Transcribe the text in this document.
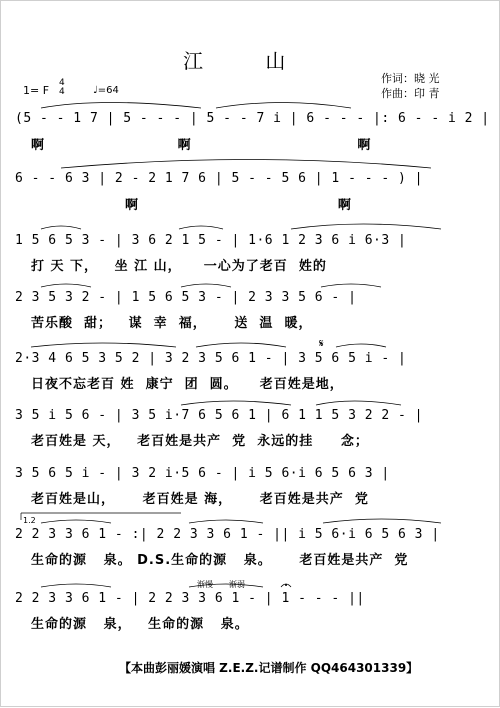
江 山
1= F
4
4	♩=64
作词：晓 光
作曲：印 青
(5 - - 1 7 | 5 - - - | 5 - - 7 i | 6 - - - |: 6 - - i 2 |
啊                        啊                              啊
6 - - 6 3 | 2 - 2 1 7 6 | 5 - - 5 6 | 1 - - - ) |
啊                                    啊
1 5 6 5 3 - | 3 6 2 1 5 - | 1·6 1 2 3 6 i 6·3 |
打 天 下，   坐 江 山，    一心为了老百  姓的
2 3 5 3 2 - | 1 5 6 5 3 - | 2 3 3 5 6 - |
苦乐酸  甜；   谋  幸  福，     送  温  暖，
2·3 4 6 5 3 5 2 | 3 2 3 5 6 1 - | 3 5 6 5 i - |
日夜不忘老百 姓  康宁  团  圆。    老百姓是地，
3 5 i 5 6 - | 3 5 i·7 6 5 6 1 | 6 1 1 5 3 2 2 - |
老百姓是 天，   老百姓是共产  党  永远的挂     念；
3 5 6 5 i - | 3 2 i·5 6 - | i 5 6·i 6 5 6 3 |
老百姓是山，     老百姓是 海，     老百姓是共产  党
2 2 3 3 6 1 - :| 2 2 3 3 6 1 - || i 5 6·i 6 5 6 3 |
生命的源   泉。 D.S.生命的源   泉。     老百姓是共产  党
2 2 3 3 6 1 - | 2 2 3 3 6 1 - | 1 - - - ||
生命的源   泉，   生命的源   泉。
1.2
𝄋
渐慢 渐弱
【本曲彭丽媛演唱 Z.E.Z.记谱制作 QQ464301339】
